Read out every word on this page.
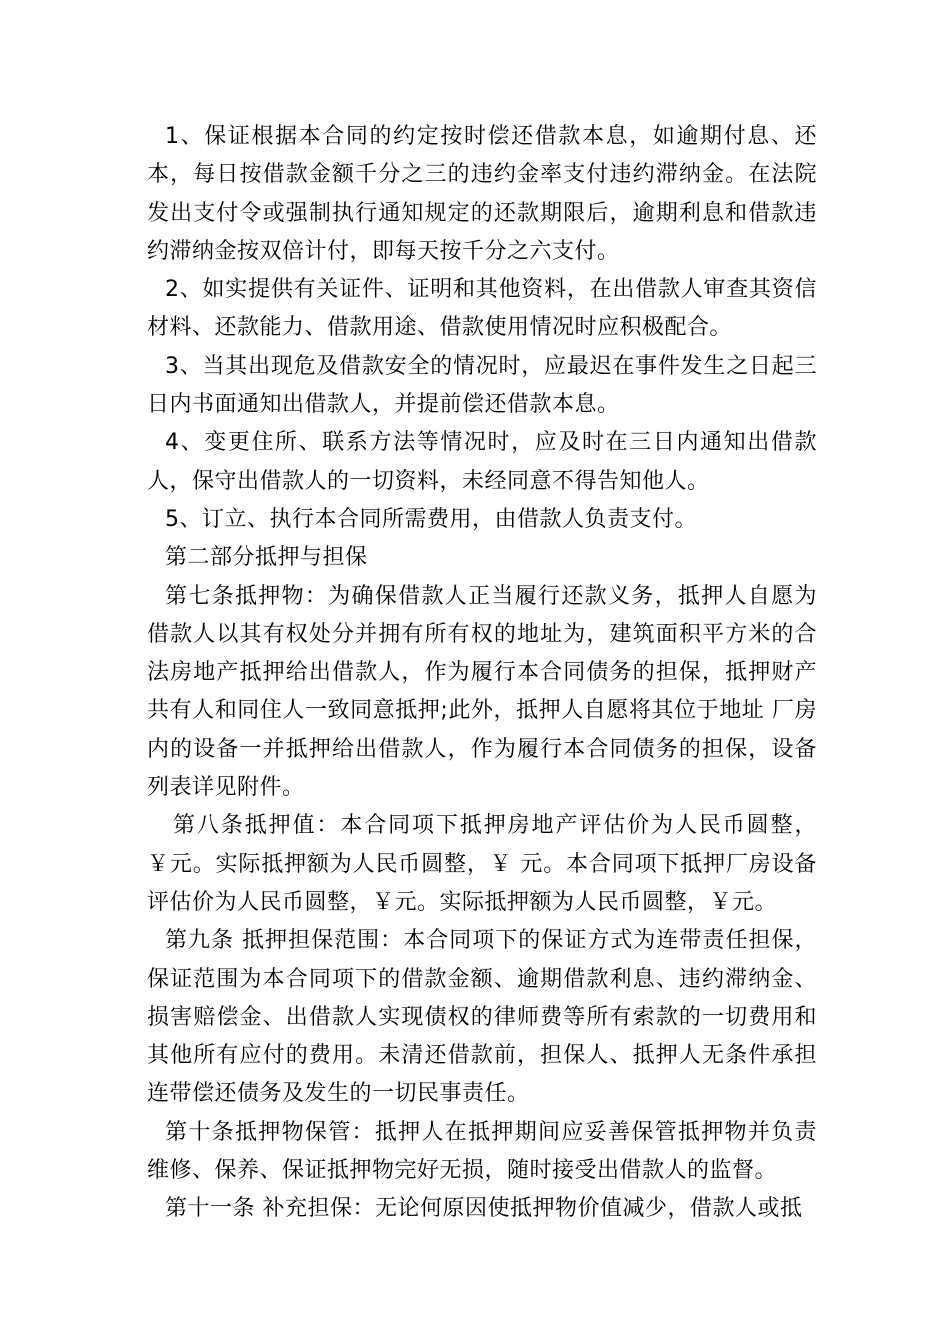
1、保证根据本合同的约定按时偿还借款本息，如逾期付息、还本，每日按借款金额千分之三的违约金率支付违约滞纳金。在法院发出支付令或强制执行通知规定的还款期限后，逾期利息和借款违约滞纳金按双倍计付，即每天按千分之六支付。

2、如实提供有关证件、证明和其他资料，在出借款人审查其资信材料、还款能力、借款用途、借款使用情况时应积极配合。

3、当其出现危及借款安全的情况时，应最迟在事件发生之日起三日内书面通知出借款人，并提前偿还借款本息。

4、变更住所、联系方法等情况时，应及时在三日内通知出借款人，保守出借款人的一切资料，未经同意不得告知他人。

5、订立、执行本合同所需费用，由借款人负责支付。

第二部分抵押与担保

第七条抵押物：为确保借款人正当履行还款义务，抵押人自愿为借款人以其有权处分并拥有所有权的地址为，建筑面积平方米的合法房地产抵押给出借款人，作为履行本合同债务的担保，抵押财产共有人和同住人一致同意抵押;此外，抵押人自愿将其位于地址 厂房内的设备一并抵押给出借款人，作为履行本合同债务的担保，设备列表详见附件。

第八条抵押值：本合同项下抵押房地产评估价为人民币圆整，￥元。实际抵押额为人民币圆整，￥ 元。本合同项下抵押厂房设备评估价为人民币圆整，￥元。实际抵押额为人民币圆整，￥元。

第九条 抵押担保范围：本合同项下的保证方式为连带责任担保，保证范围为本合同项下的借款金额、逾期借款利息、违约滞纳金、损害赔偿金、出借款人实现债权的律师费等所有索款的一切费用和其他所有应付的费用。未清还借款前，担保人、抵押人无条件承担连带偿还债务及发生的一切民事责任。

第十条抵押物保管：抵押人在抵押期间应妥善保管抵押物并负责维修、保养、保证抵押物完好无损，随时接受出借款人的监督。

第十一条 补充担保：无论何原因使抵押物价值减少，借款人或抵
